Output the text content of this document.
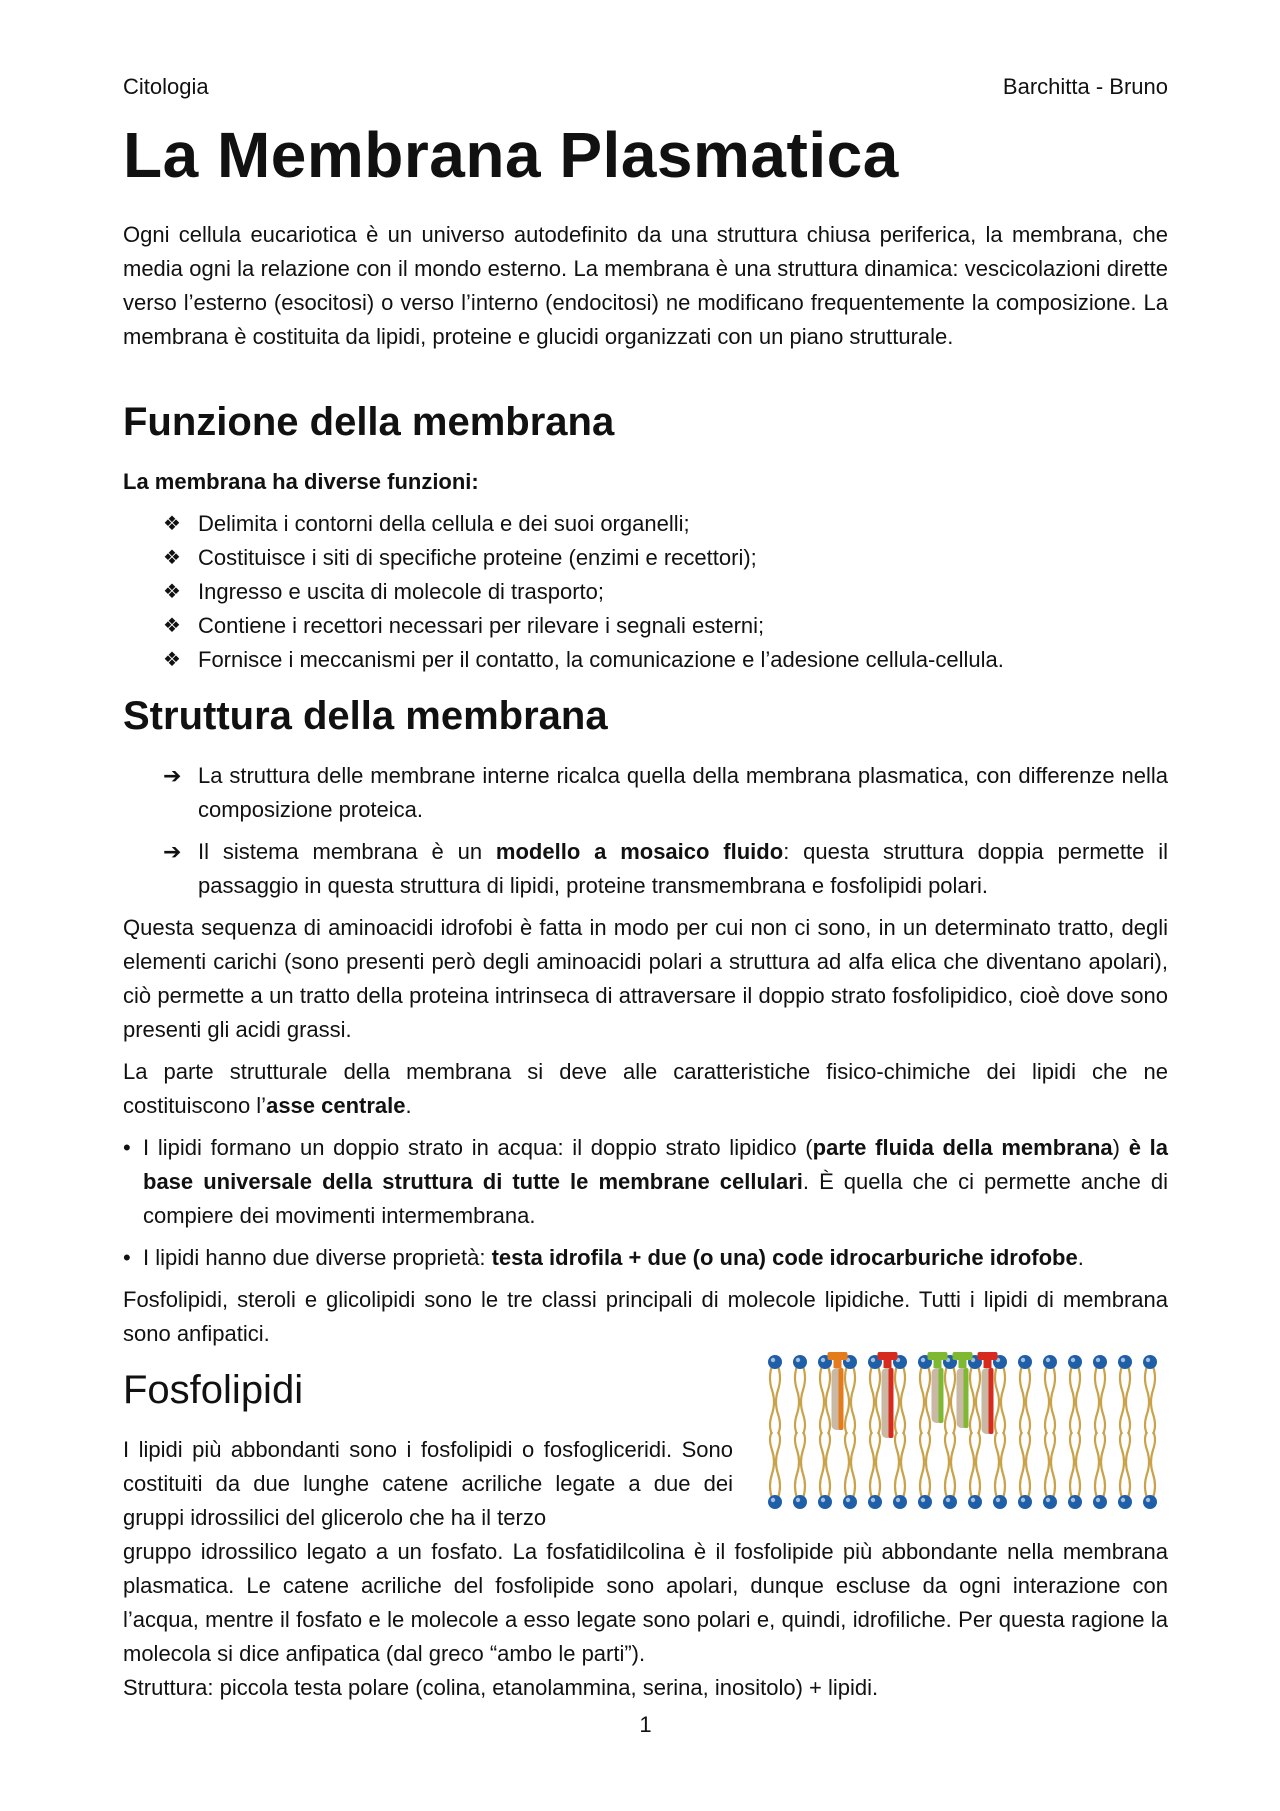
Citologia	Barchitta - Bruno
La Membrana Plasmatica

Ogni cellula eucariotica è un universo autodefinito da una struttura chiusa periferica, la membrana, che media ogni la relazione con il mondo esterno. La membrana è una struttura dinamica: vescicolazioni dirette verso l’esterno (esocitosi) o verso l’interno (endocitosi) ne modificano frequentemente la composizione. La membrana è costituita da lipidi, proteine e glucidi organizzati con un piano strutturale.

Funzione della membrana

La membrana ha diverse funzioni:

❖ Delimita i contorni della cellula e dei suoi organelli;
❖ Costituisce i siti di specifiche proteine (enzimi e recettori);
❖ Ingresso e uscita di molecole di trasporto;
❖ Contiene i recettori necessari per rilevare i segnali esterni;
❖ Fornisce i meccanismi per il contatto, la comunicazione e l’adesione cellula-cellula.
Struttura della membrana
➔ La struttura delle membrane interne ricalca quella della membrana plasmatica, con differenze nella composizione proteica.
➔ Il sistema membrana è un modello a mosaico fluido: questa struttura doppia permette il passaggio in questa struttura di lipidi, proteine transmembrana e fosfolipidi polari.

Questa sequenza di aminoacidi idrofobi è fatta in modo per cui non ci sono, in un determinato tratto, degli elementi carichi (sono presenti però degli aminoacidi polari a struttura ad alfa elica che diventano apolari), ciò permette a un tratto della proteina intrinseca di attraversare il doppio strato fosfolipidico, cioè dove sono presenti gli acidi grassi.

La parte strutturale della membrana si deve alle caratteristiche fisico-chimiche dei lipidi che ne costituiscono l’asse centrale.

• I lipidi formano un doppio strato in acqua: il doppio strato lipidico (parte fluida della membrana) è la base universale della struttura di tutte le membrane cellulari. È quella che ci permette anche di compiere dei movimenti intermembrana.
• I lipidi hanno due diverse proprietà: testa idrofila + due (o una) code idrocarburiche idrofobe.

Fosfolipidi, steroli e glicolipidi sono le tre classi principali di molecole lipidiche. Tutti i lipidi di membrana sono anfipatici.

Fosfolipidi

I lipidi più abbondanti sono i fosfolipidi o fosfogliceridi. Sono costituiti da due lunghe catene acriliche legate a due dei gruppi idrossilici del glicerolo che ha il terzo

gruppo idrossilico legato a un fosfato. La fosfatidilcolina è il fosfolipide più abbondante nella membrana plasmatica. Le catene acriliche del fosfolipide sono apolari, dunque escluse da ogni interazione con l’acqua, mentre il fosfato e le molecole a esso legate sono polari e, quindi, idrofiliche. Per questa ragione la molecola si dice anfipatica (dal greco “ambo le parti”).

Struttura: piccola testa polare (colina, etanolammina, serina, inositolo) + lipidi.

1
